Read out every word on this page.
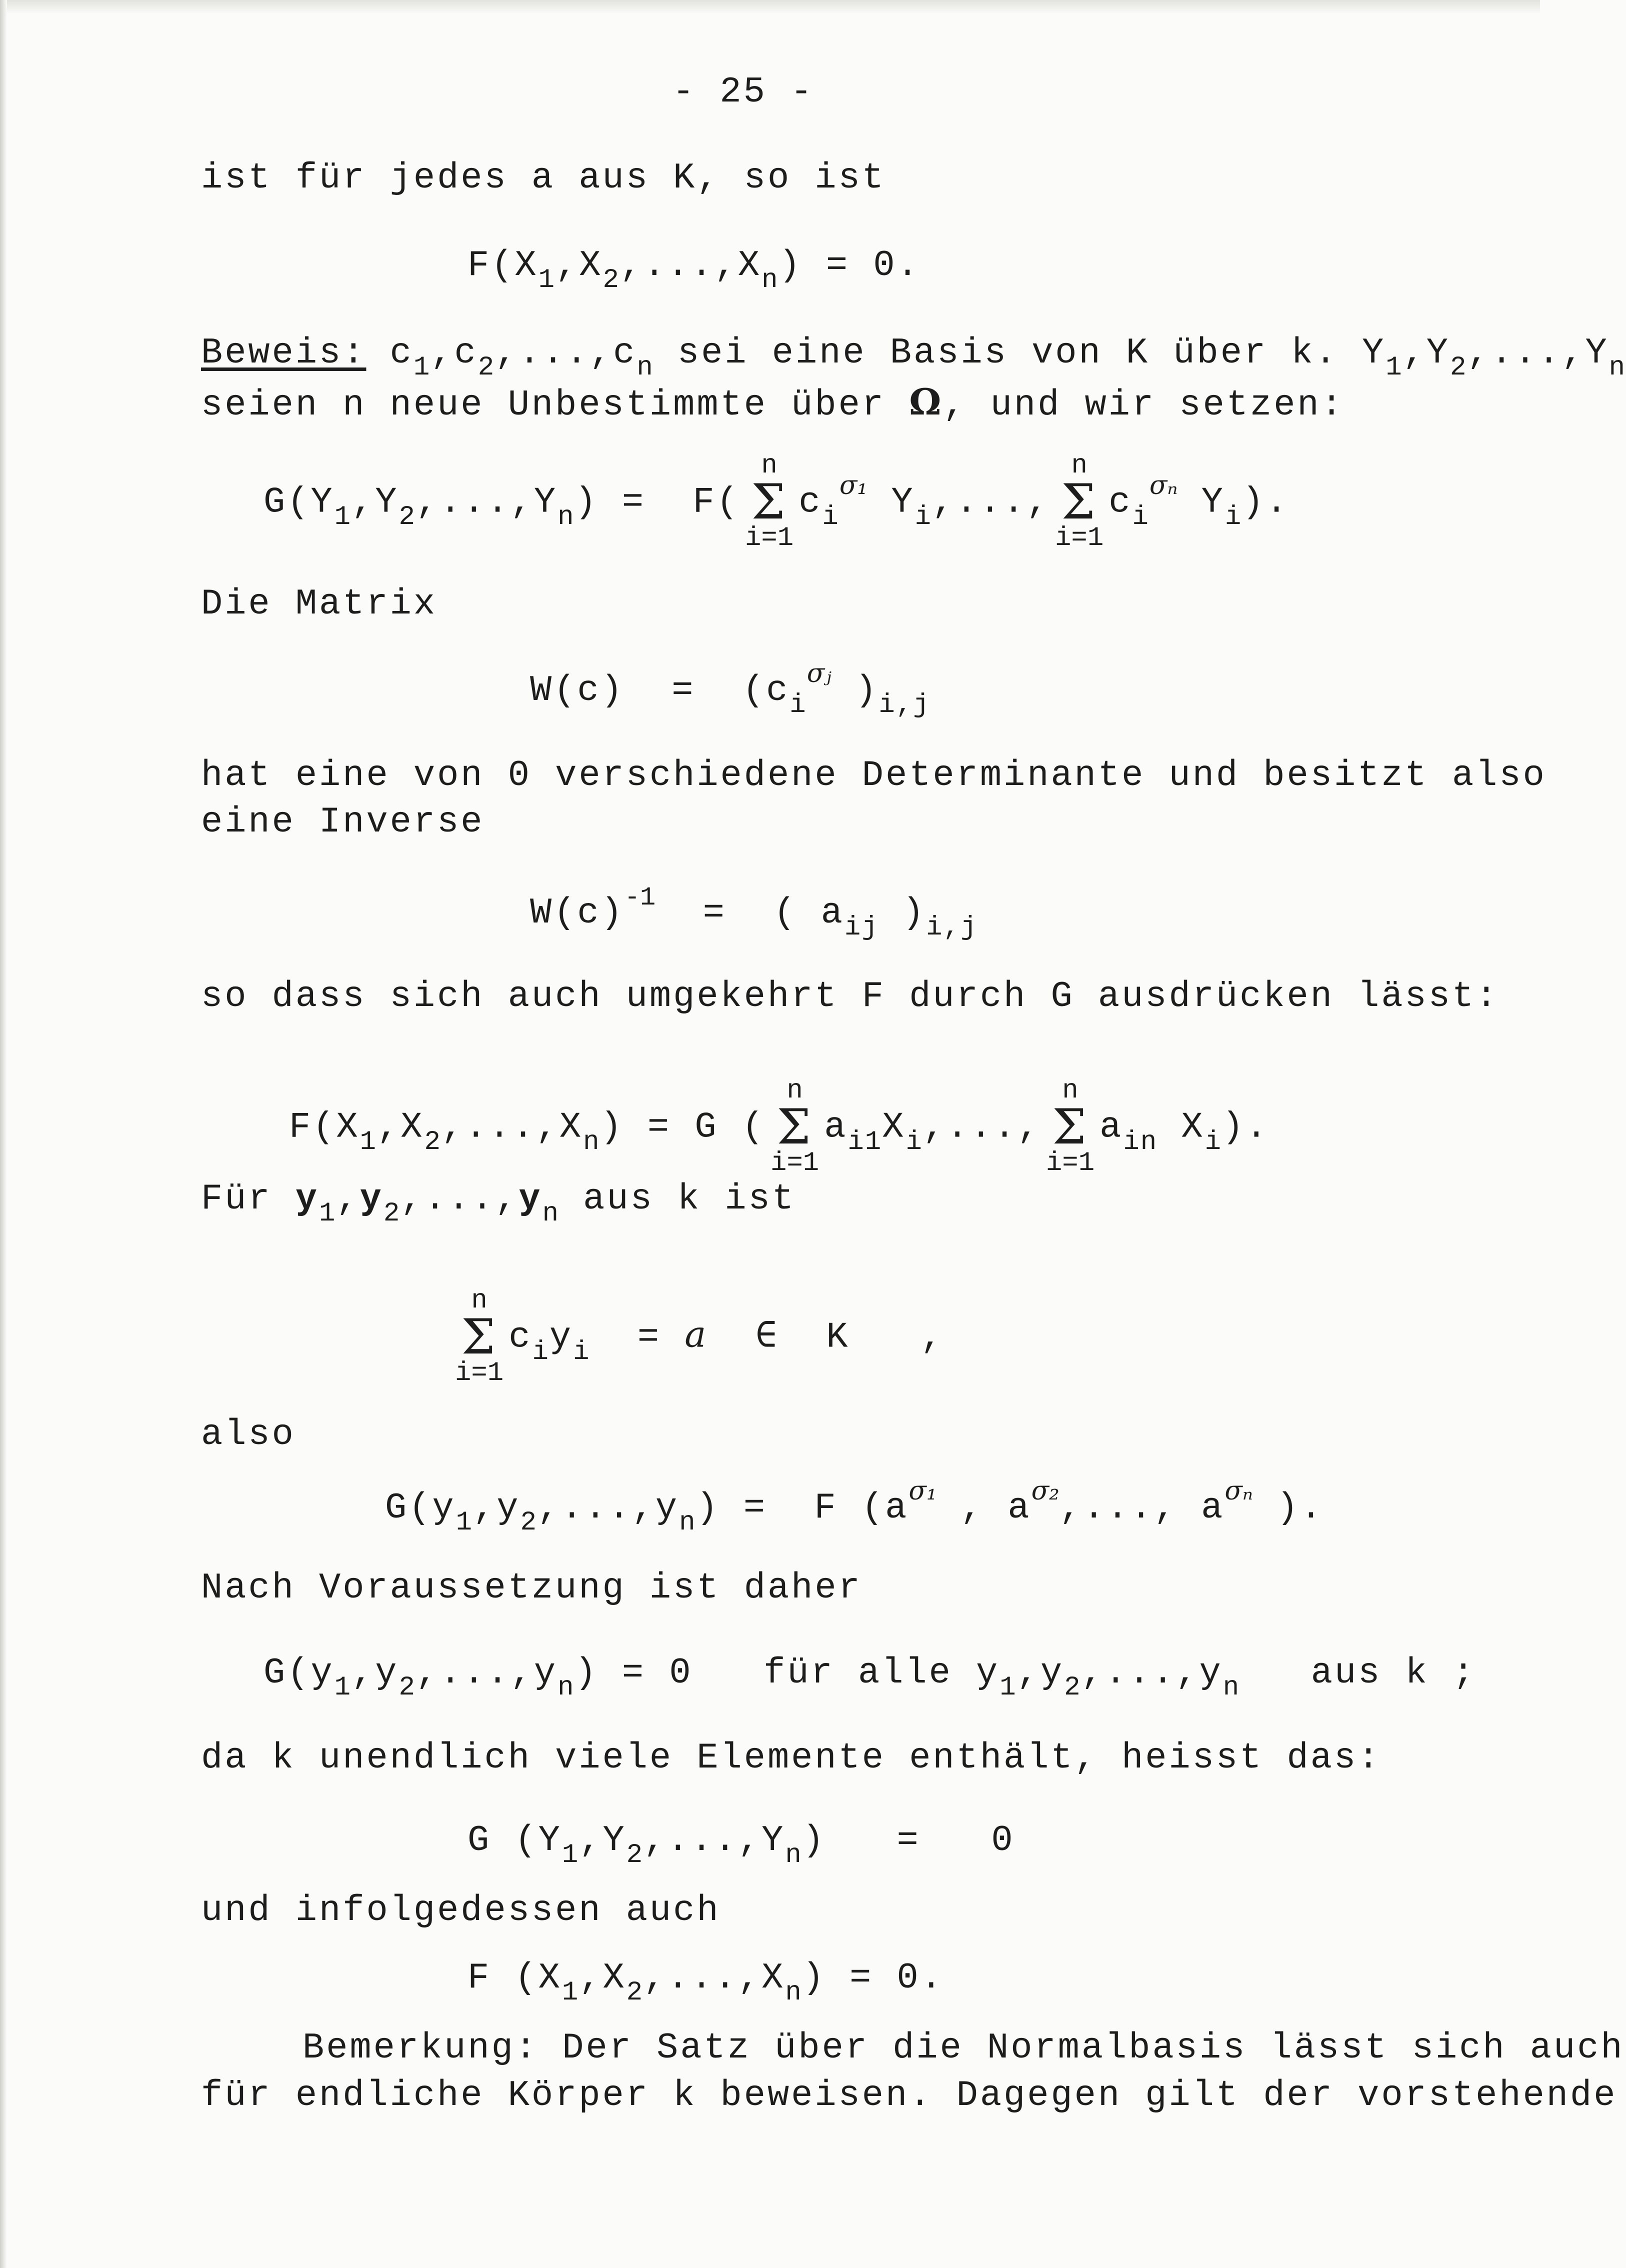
- 25 -
ist für jedes a aus K, so ist
$F(X_1,X_2,...,X_n) = 0$.
Beweis: $c_1,c_2,...,c_n$ sei eine Basis von K über k. $Y_1,Y_2,...,Y_n$
seien n neue Unbestimmte über Ω, und wir setzen:
$G(Y_1,Y_2,...,Y_n) = F$(
n
Σ
i=1
$c_i^{\sigma_1}$ $Y_i$,...,
n
Σ
i=1
$c_i^{\sigma_n}$ $Y_i$).
Die Matrix
$W(c) = (c_i^{\sigma ⱼ}$ )$_{i,j}$
hat eine von 0 verschiedene Determinante und besitzt also
eine Inverse
$W(c)^{-1}$  =  ( $a_{ij}$ )$_{i,j}$
so dass sich auch umgekehrt F durch G ausdrücken lässt:
$F(X_1,X_2,...,X_n) = G$ (
n
Σ
i=1
$a_{i1}X_i$,...,
n
Σ
i=1
$a_{in}$ $X_i$).
Für $y_1,y_2,...,y_n$ aus k ist
n
Σ
i=1
$c_iy_i = a$  ∈  K   ,
also
$G(y_1,y_2,...,y_n) = F$ ($a^{\sigma_1}$ , $a^{\sigma_2}$,..., $a^{\sigma_n}$ ).
Nach Voraussetzung ist daher
$G(y_1,y_2,...,y_n) = 0$   für alle $y_1,y_2,...,y_n$   aus k ;
da k unendlich viele Elemente enthält, heisst das:
G $(Y_1,Y_2,...,Y_n) = 0$
und infolgedessen auch
F $(X_1,X_2,...,X_n) = 0$.
Bemerkung: Der Satz über die Normalbasis lässt sich auch
für endliche Körper k beweisen. Dagegen gilt der vorstehende
